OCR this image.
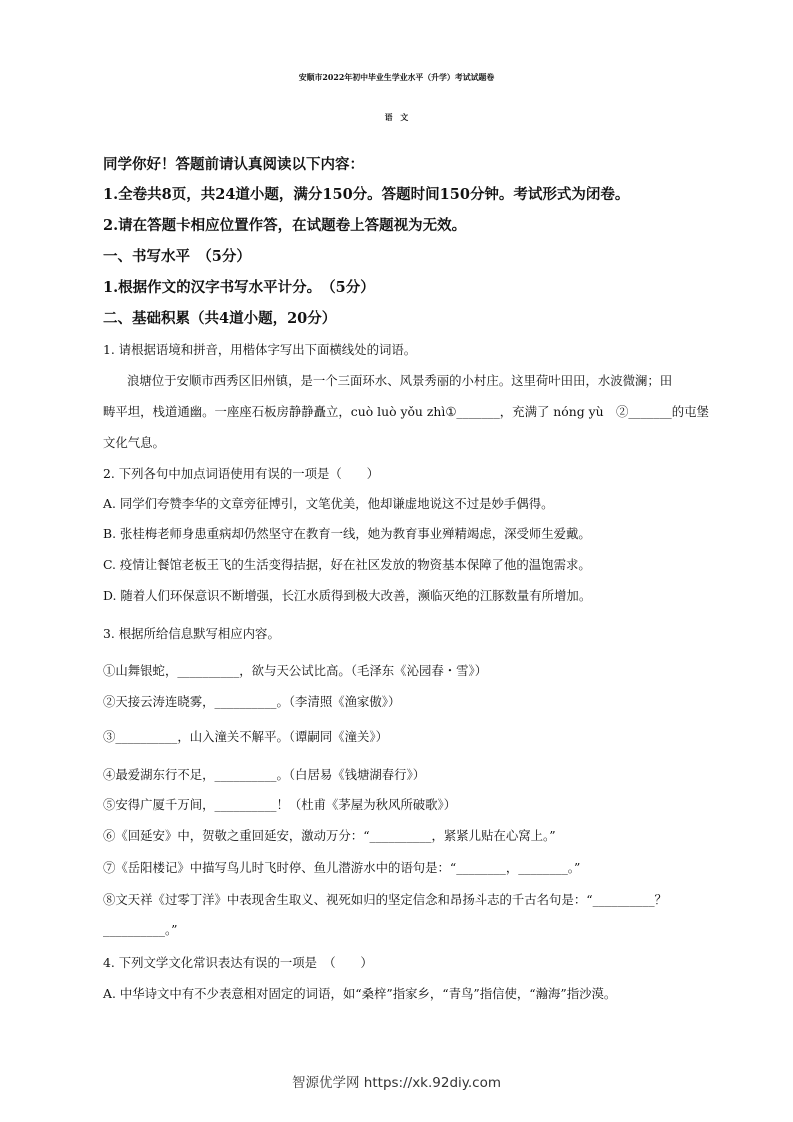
安顺市2022年初中毕业生学业水平（升学）考试试题卷
语　文
同学你好！答题前请认真阅读以下内容：
1.全卷共8页，共24道小题，满分150分。答题时间150分钟。考试形式为闭卷。
2.请在答题卡相应位置作答，在试题卷上答题视为无效。
一、书写水平　（5分）
1.根据作文的汉字书写水平计分。　（5分）
二、基础积累（共4道小题，20分）
1. 请根据语境和拼音，用楷体字写出下面横线处的词语。
浪塘位于安顺市西秀区旧州镇，是一个三面环水、风景秀丽的小村庄。这里荷叶田田，水波微澜；田
畴平坦，栈道通幽。一座座石板房静静矗立，cuò luò yǒu zhì①_______，充满了 nóng yù　②_______的屯堡
文化气息。
2. 下列各句中加点词语使用有误的一项是（　　）
A. 同学们夸赞李华的文章旁征博引，文笔优美，他却谦虚地说这不过是妙手偶得。
B. 张桂梅老师身患重病却仍然坚守在教育一线，她为教育事业殚精竭虑，深受师生爱戴。
C. 疫情让餐馆老板王飞的生活变得拮据，好在社区发放的物资基本保障了他的温饱需求。
D. 随着人们环保意识不断增强，长江水质得到极大改善，濒临灭绝的江豚数量有所增加。
3. 根据所给信息默写相应内容。
①山舞银蛇，__________，欲与天公试比高。（毛泽东《沁园春・雪》）
②天接云涛连晓雾，__________。（李清照《渔家傲》）
③__________，山入潼关不解平。（谭嗣同《潼关》）
④最爱湖东行不足，__________。（白居易《钱塘湖春行》）
⑤安得广厦千万间，__________！（杜甫《茅屋为秋风所破歌》）
⑥《回延安》中，贺敬之重回延安，激动万分：“__________，紧紧儿贴在心窝上。”
⑦《岳阳楼记》中描写鸟儿时飞时停、鱼儿潜游水中的语句是：“________，________。”
⑧文天祥《过零丁洋》中表现舍生取义、视死如归的坚定信念和昂扬斗志的千古名句是：“__________？
__________。”
4. 下列文学文化常识表达有误的一项是　（　　）
A. 中华诗文中有不少表意相对固定的词语，如“桑梓”指家乡，“青鸟”指信使，“瀚海”指沙漠。
智源优学网 https://xk.92diy.com
